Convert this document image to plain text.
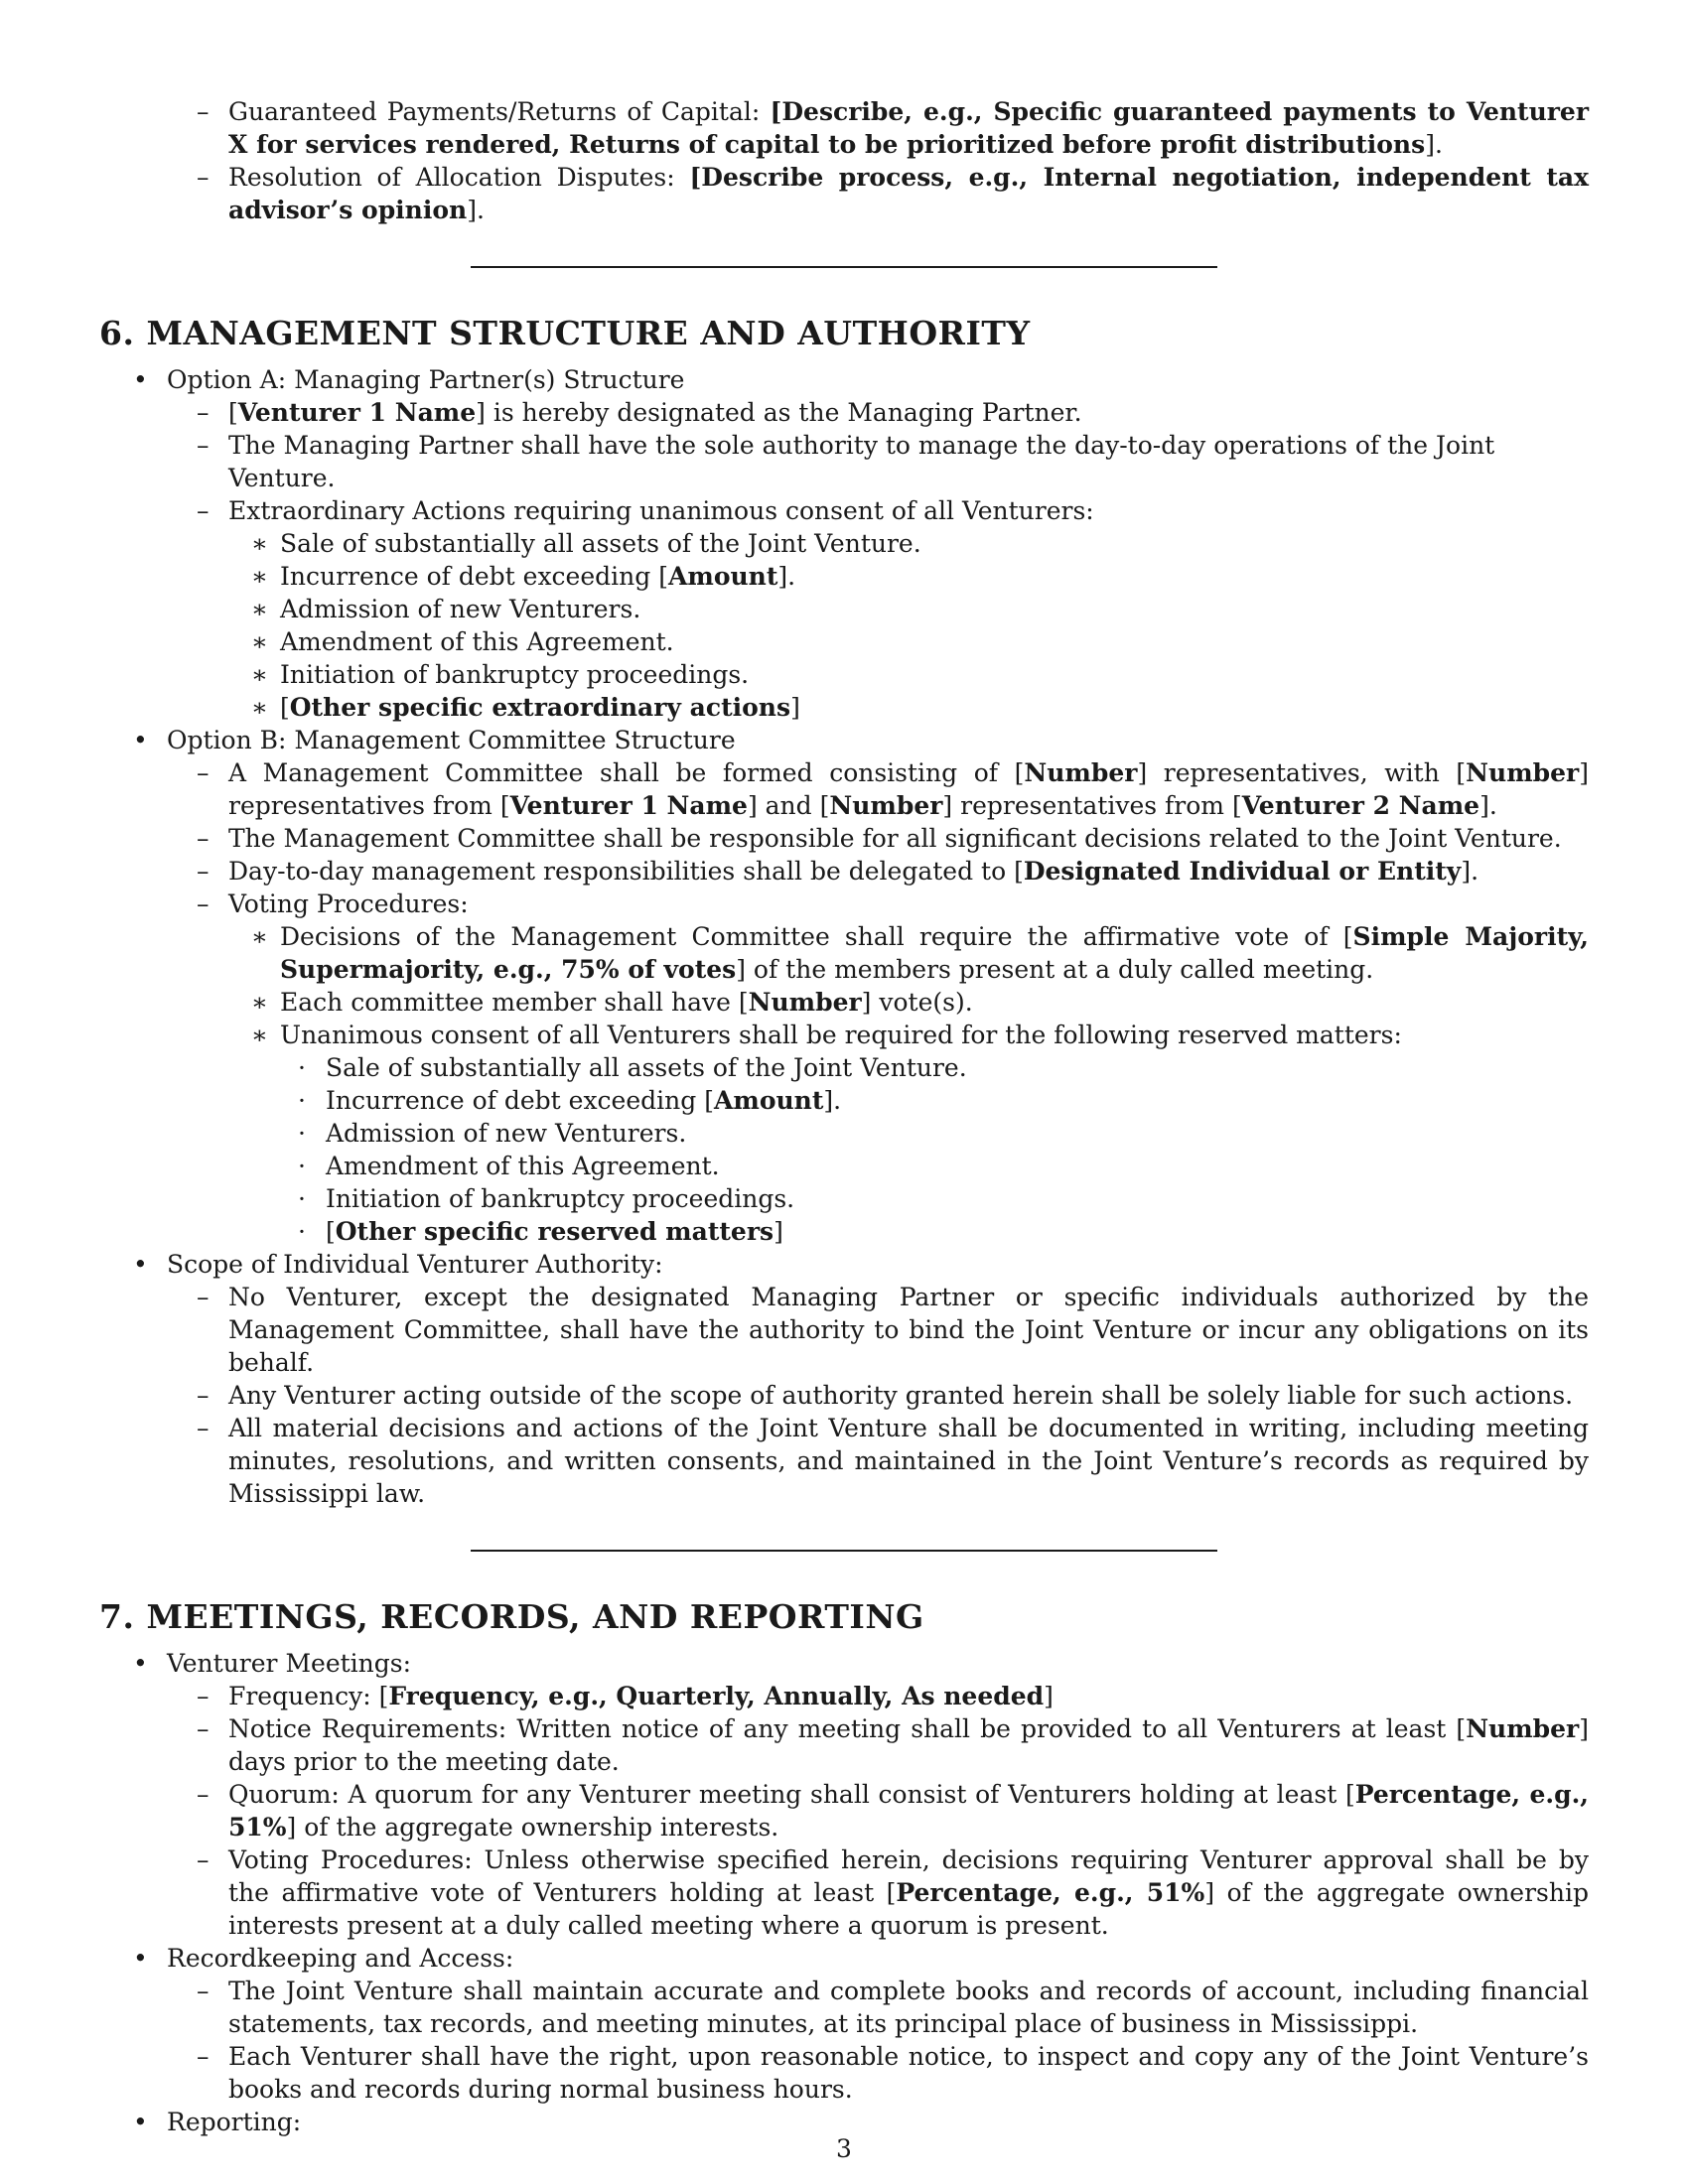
– Guaranteed Payments/Returns of Capital: [Describe, e.g., Specific guaranteed payments to Venturer X for services rendered, Returns of capital to be prioritized before profit distributions].
– Resolution of Allocation Disputes: [Describe process, e.g., Internal negotiation, independent tax advisor’s opinion].
6. MANAGEMENT STRUCTURE AND AUTHORITY
• Option A: Managing Partner(s) Structure
– [Venturer 1 Name] is hereby designated as the Managing Partner.
– The Managing Partner shall have the sole authority to manage the day-to-day operations of the Joint Venture.
– Extraordinary Actions requiring unanimous consent of all Venturers:
∗ Sale of substantially all assets of the Joint Venture.
∗ Incurrence of debt exceeding [Amount].
∗ Admission of new Venturers.
∗ Amendment of this Agreement.
∗ Initiation of bankruptcy proceedings.
∗ [Other specific extraordinary actions]
• Option B: Management Committee Structure
– A Management Committee shall be formed consisting of [Number] representatives, with [Number] representatives from [Venturer 1 Name] and [Number] representatives from [Venturer 2 Name].
– The Management Committee shall be responsible for all significant decisions related to the Joint Venture.
– Day-to-day management responsibilities shall be delegated to [Designated Individual or Entity].
– Voting Procedures:
∗ Decisions of the Management Committee shall require the affirmative vote of [Simple Majority, Supermajority, e.g., 75% of votes] of the members present at a duly called meeting.
∗ Each committee member shall have [Number] vote(s).
∗ Unanimous consent of all Venturers shall be required for the following reserved matters:
· Sale of substantially all assets of the Joint Venture.
· Incurrence of debt exceeding [Amount].
· Admission of new Venturers.
· Amendment of this Agreement.
· Initiation of bankruptcy proceedings.
· [Other specific reserved matters]
• Scope of Individual Venturer Authority:
– No Venturer, except the designated Managing Partner or specific individuals authorized by the Management Committee, shall have the authority to bind the Joint Venture or incur any obligations on its behalf.
– Any Venturer acting outside of the scope of authority granted herein shall be solely liable for such actions.
– All material decisions and actions of the Joint Venture shall be documented in writing, including meeting minutes, resolutions, and written consents, and maintained in the Joint Venture’s records as required by Mississippi law.
7. MEETINGS, RECORDS, AND REPORTING
• Venturer Meetings:
– Frequency: [Frequency, e.g., Quarterly, Annually, As needed]
– Notice Requirements: Written notice of any meeting shall be provided to all Venturers at least [Number] days prior to the meeting date.
– Quorum: A quorum for any Venturer meeting shall consist of Venturers holding at least [Percentage, e.g., 51%] of the aggregate ownership interests.
– Voting Procedures: Unless otherwise specified herein, decisions requiring Venturer approval shall be by the affirmative vote of Venturers holding at least [Percentage, e.g., 51%] of the aggregate ownership interests present at a duly called meeting where a quorum is present.
• Recordkeeping and Access:
– The Joint Venture shall maintain accurate and complete books and records of account, including financial statements, tax records, and meeting minutes, at its principal place of business in Mississippi.
– Each Venturer shall have the right, upon reasonable notice, to inspect and copy any of the Joint Venture’s books and records during normal business hours.
• Reporting:
3
